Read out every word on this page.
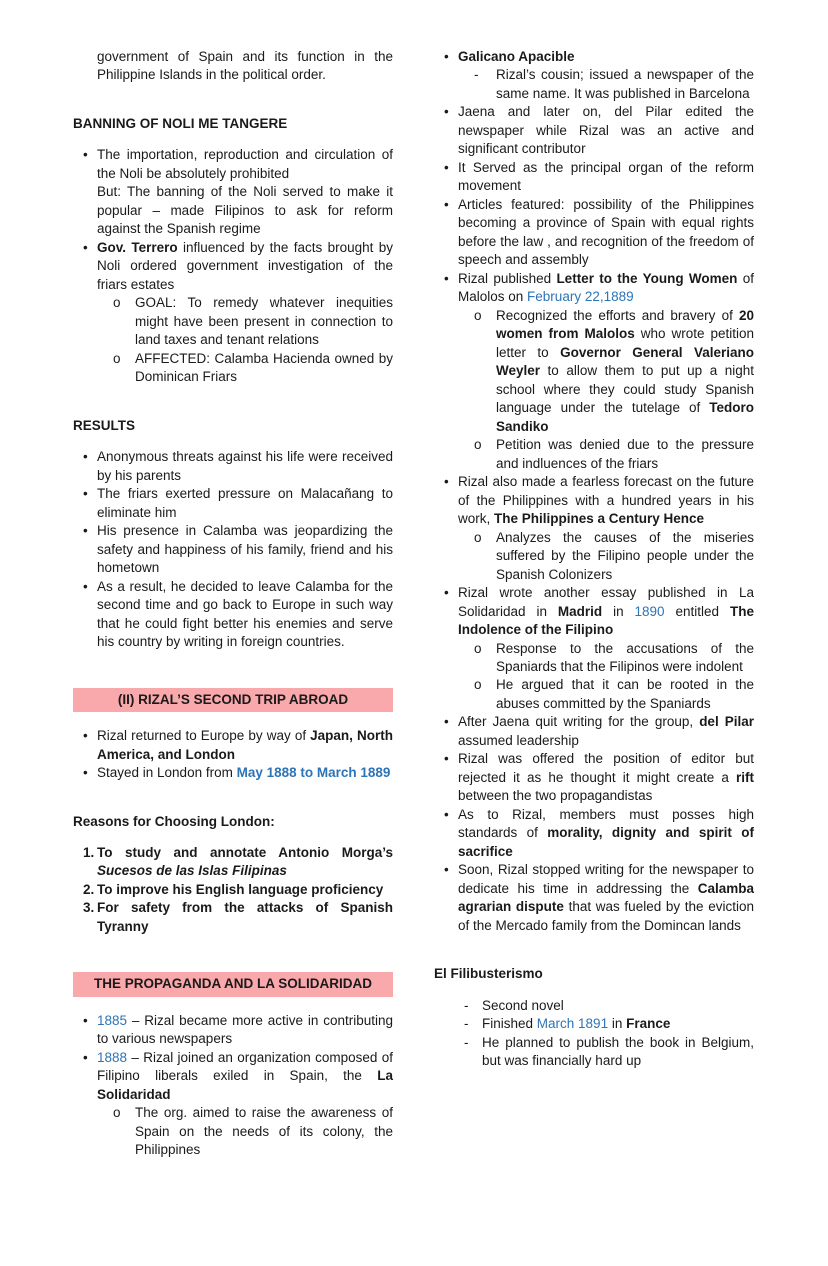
government of Spain and its function in the Philippine Islands in the political order.
BANNING OF NOLI ME TANGERE
• The importation, reproduction and circulation of the Noli be absolutely prohibited
But: The banning of the Noli served to make it popular – made Filipinos to ask for reform against the Spanish regime
• Gov. Terrero influenced by the facts brought by Noli ordered government investigation of the friars estates
o	GOAL: To remedy whatever inequities might have been present in connection to land taxes and tenant relations
o	AFFECTED: Calamba Hacienda owned by Dominican Friars
RESULTS
• Anonymous threats against his life were received by his parents
• The friars exerted pressure on Malacañang to eliminate him
• His presence in Calamba was jeopardizing the safety and happiness of his family, friend and his hometown
• As a result, he decided to leave Calamba for the second time and go back to Europe in such way that he could fight better his enemies and serve his country by writing in foreign countries.
(II) RIZAL’S SECOND TRIP ABROAD
• Rizal returned to Europe by way of Japan, North America, and London
• Stayed in London from May 1888 to March 1889
Reasons for Choosing London:
1. To study and annotate Antonio Morga’s Sucesos de las Islas Filipinas
2. To improve his English language proficiency
3. For safety from the attacks of Spanish Tyranny
THE PROPAGANDA AND LA SOLIDARIDAD
• 1885 – Rizal became more active in contributing to various newspapers
• 1888 – Rizal joined an organization composed of Filipino liberals exiled in Spain, the La Solidaridad
o	The org. aimed to raise the awareness of Spain on the needs of its colony, the Philippines
• Galicano Apacible
-	Rizal’s cousin; issued a newspaper of the same name. It was published in Barcelona
• Jaena and later on, del Pilar edited the newspaper while Rizal was an active and significant contributor
• It Served as the principal organ of the reform movement
• Articles featured: possibility of the Philippines becoming a province of Spain with equal rights before the law , and recognition of the freedom of speech and assembly
• Rizal published Letter to the Young Women of Malolos on February 22,1889
o	Recognized the efforts and bravery of 20 women from Malolos who wrote petition letter to Governor General Valeriano Weyler to allow them to put up a night school where they could study Spanish language under the tutelage of Tedoro Sandiko
o	Petition was denied due to the pressure and indluences of the friars
• Rizal also made a fearless forecast on the future of the Philippines with a hundred years in his work, The Philippines a Century Hence
o	Analyzes the causes of the miseries suffered by the Filipino people under the Spanish Colonizers
• Rizal wrote another essay published in La Solidaridad in Madrid in 1890 entitled The Indolence of the Filipino
o	Response to the accusations of the Spaniards that the Filipinos were indolent
o	He argued that it can be rooted in the abuses committed by the Spaniards
• After Jaena quit writing for the group, del Pilar assumed leadership
• Rizal was offered the position of editor but rejected it as he thought it might create a rift between the two propagandistas
• As to Rizal, members must posses high standards of morality, dignity and spirit of sacrifice
• Soon, Rizal stopped writing for the newspaper to dedicate his time in addressing the Calamba agrarian dispute that was fueled by the eviction of the Mercado family from the Domincan lands
El Filibusterismo
-	Second novel
-	Finished March 1891 in France
-	He planned to publish the book in Belgium, but was financially hard up
